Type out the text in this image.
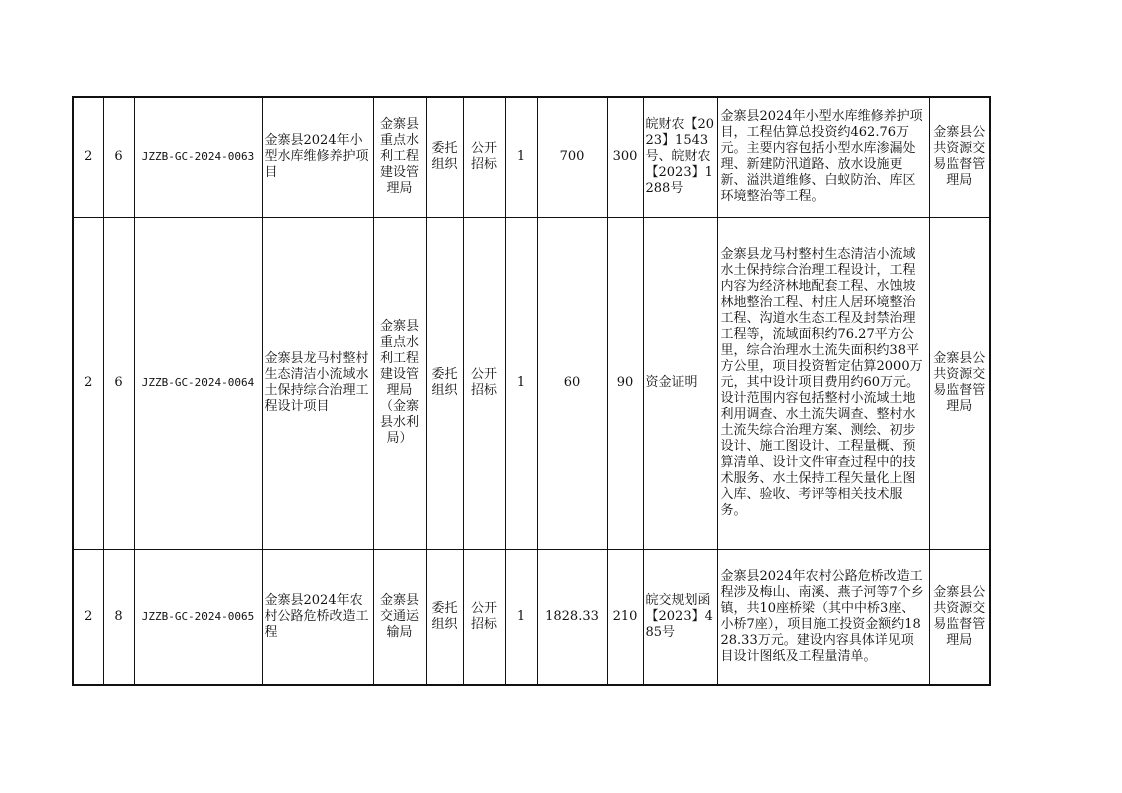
2	6	JZZB-GC-2024-0063	金寨县2024年小型水库维修养护项目	金寨县重点水利工程建设管理局	委托组织	公开招标	1	700	300	皖财农【2023】1543号、皖财农【2023】1288号	金寨县2024年小型水库维修养护项目，工程估算总投资约462.76万元。主要内容包括小型水库渗漏处理、新建防汛道路、放水设施更新、溢洪道维修、白蚁防治、库区环境整治等工程。	金寨县公共资源交易监督管理局
2	6	JZZB-GC-2024-0064	金寨县龙马村整村生态清洁小流域水土保持综合治理工程设计项目	金寨县重点水利工程建设管理局（金寨县水利局）	委托组织	公开招标	1	60	90	资金证明	金寨县龙马村整村生态清洁小流域水土保持综合治理工程设计，工程内容为经济林地配套工程、水蚀坡林地整治工程、村庄人居环境整治工程、沟道水生态工程及封禁治理工程等，流域面积约76.27平方公里，综合治理水土流失面积约38平方公里，项目投资暂定估算2000万元，其中设计项目费用约60万元。设计范围内容包括整村小流域土地利用调查、水土流失调查、整村水土流失综合治理方案、测绘、初步设计、施工图设计、工程量概、预算清单、设计文件审查过程中的技术服务、水土保持工程矢量化上图入库、验收、考评等相关技术服务。	金寨县公共资源交易监督管理局
2	8	JZZB-GC-2024-0065	金寨县2024年农村公路危桥改造工程	金寨县交通运输局	委托组织	公开招标	1	1828.33	210	皖交规划函【2023】485号	金寨县2024年农村公路危桥改造工程涉及梅山、南溪、燕子河等7个乡镇，共10座桥梁（其中中桥3座、小桥7座），项目施工投资金额约1828.33万元。建设内容具体详见项目设计图纸及工程量清单。	金寨县公共资源交易监督管理局
